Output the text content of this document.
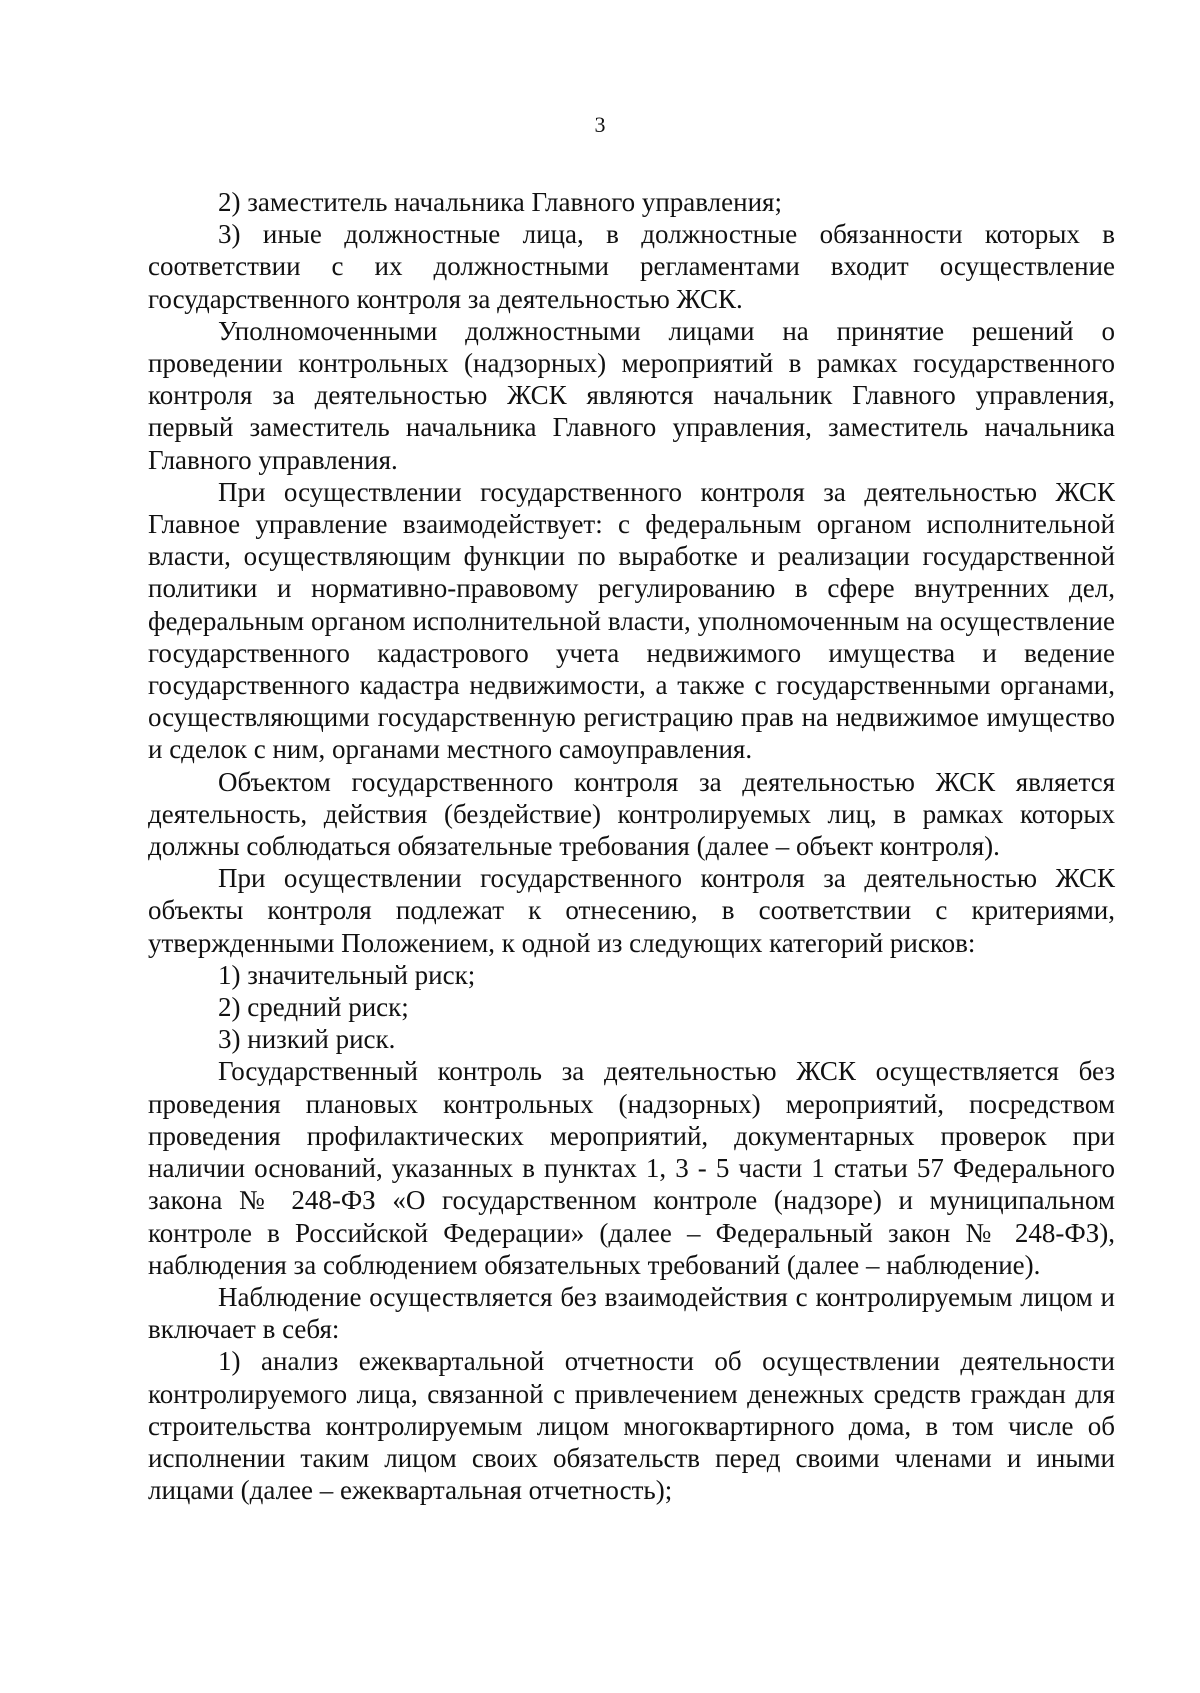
3

2) заместитель начальника Главного управления;

3) иные должностные лица, в должностные обязанности которых в соответствии с их должностными регламентами входит осуществление государственного контроля за деятельностью ЖСК.

Уполномоченными должностными лицами на принятие решений о проведении контрольных (надзорных) мероприятий в рамках государственного контроля за деятельностью ЖСК являются начальник Главного управления, первый заместитель начальника Главного управления, заместитель начальника Главного управления.

При осуществлении государственного контроля за деятельностью ЖСК Главное управление взаимодействует: с федеральным органом исполнительной власти, осуществляющим функции по выработке и реализации государственной политики и нормативно-правовому регулированию в сфере внутренних дел, федеральным органом исполнительной власти, уполномоченным на осуществление государственного кадастрового учета недвижимого имущества и ведение государственного кадастра недвижимости, а также с государственными органами, осуществляющими государственную регистрацию прав на недвижимое имущество и сделок с ним, органами местного самоуправления.

Объектом государственного контроля за деятельностью ЖСК является деятельность, действия (бездействие) контролируемых лиц, в рамках которых должны соблюдаться обязательные требования (далее – объект контроля).

При осуществлении государственного контроля за деятельностью ЖСК объекты контроля подлежат к отнесению, в соответствии с критериями, утвержденными Положением, к одной из следующих категорий рисков:

1) значительный риск;

2) средний риск;

3) низкий риск.

Государственный контроль за деятельностью ЖСК осуществляется без проведения плановых контрольных (надзорных) мероприятий, посредством проведения профилактических мероприятий, документарных проверок при наличии оснований, указанных в пунктах 1, 3 - 5 части 1 статьи 57 Федерального закона № 248-ФЗ «О государственном контроле (надзоре) и муниципальном контроле в Российской Федерации» (далее – Федеральный закон № 248-ФЗ), наблюдения за соблюдением обязательных требований (далее – наблюдение).

Наблюдение осуществляется без взаимодействия с контролируемым лицом и включает в себя:

1) анализ ежеквартальной отчетности об осуществлении деятельности контролируемого лица, связанной с привлечением денежных средств граждан для строительства контролируемым лицом многоквартирного дома, в том числе об исполнении таким лицом своих обязательств перед своими членами и иными лицами (далее – ежеквартальная отчетность);
